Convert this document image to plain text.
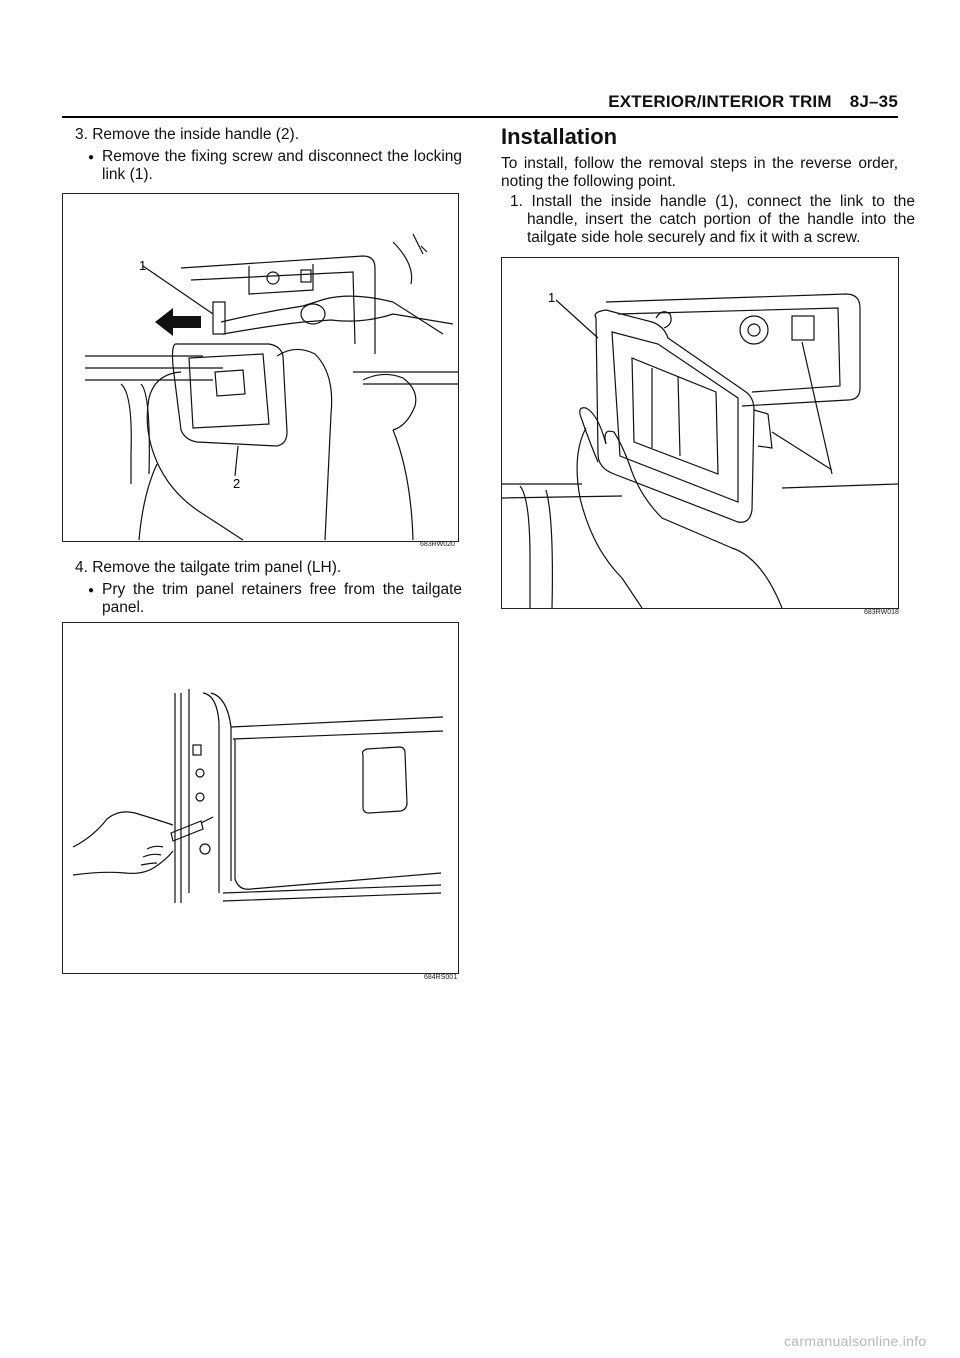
EXTERIOR/INTERIOR TRIM 8J–35
3. Remove the inside handle (2).
● Remove the fixing screw and disconnect the locking link (1).
1
2
683RW020
4. Remove the tailgate trim panel (LH).
● Pry the trim panel retainers free from the tailgate panel.
684RS001
Installation
To install, follow the removal steps in the reverse order, noting the following point.
1. Install the inside handle (1), connect the link to the handle, insert the catch portion of the handle into the tailgate side hole securely and fix it with a screw.
1
683RW018
carmanualsonline.info
